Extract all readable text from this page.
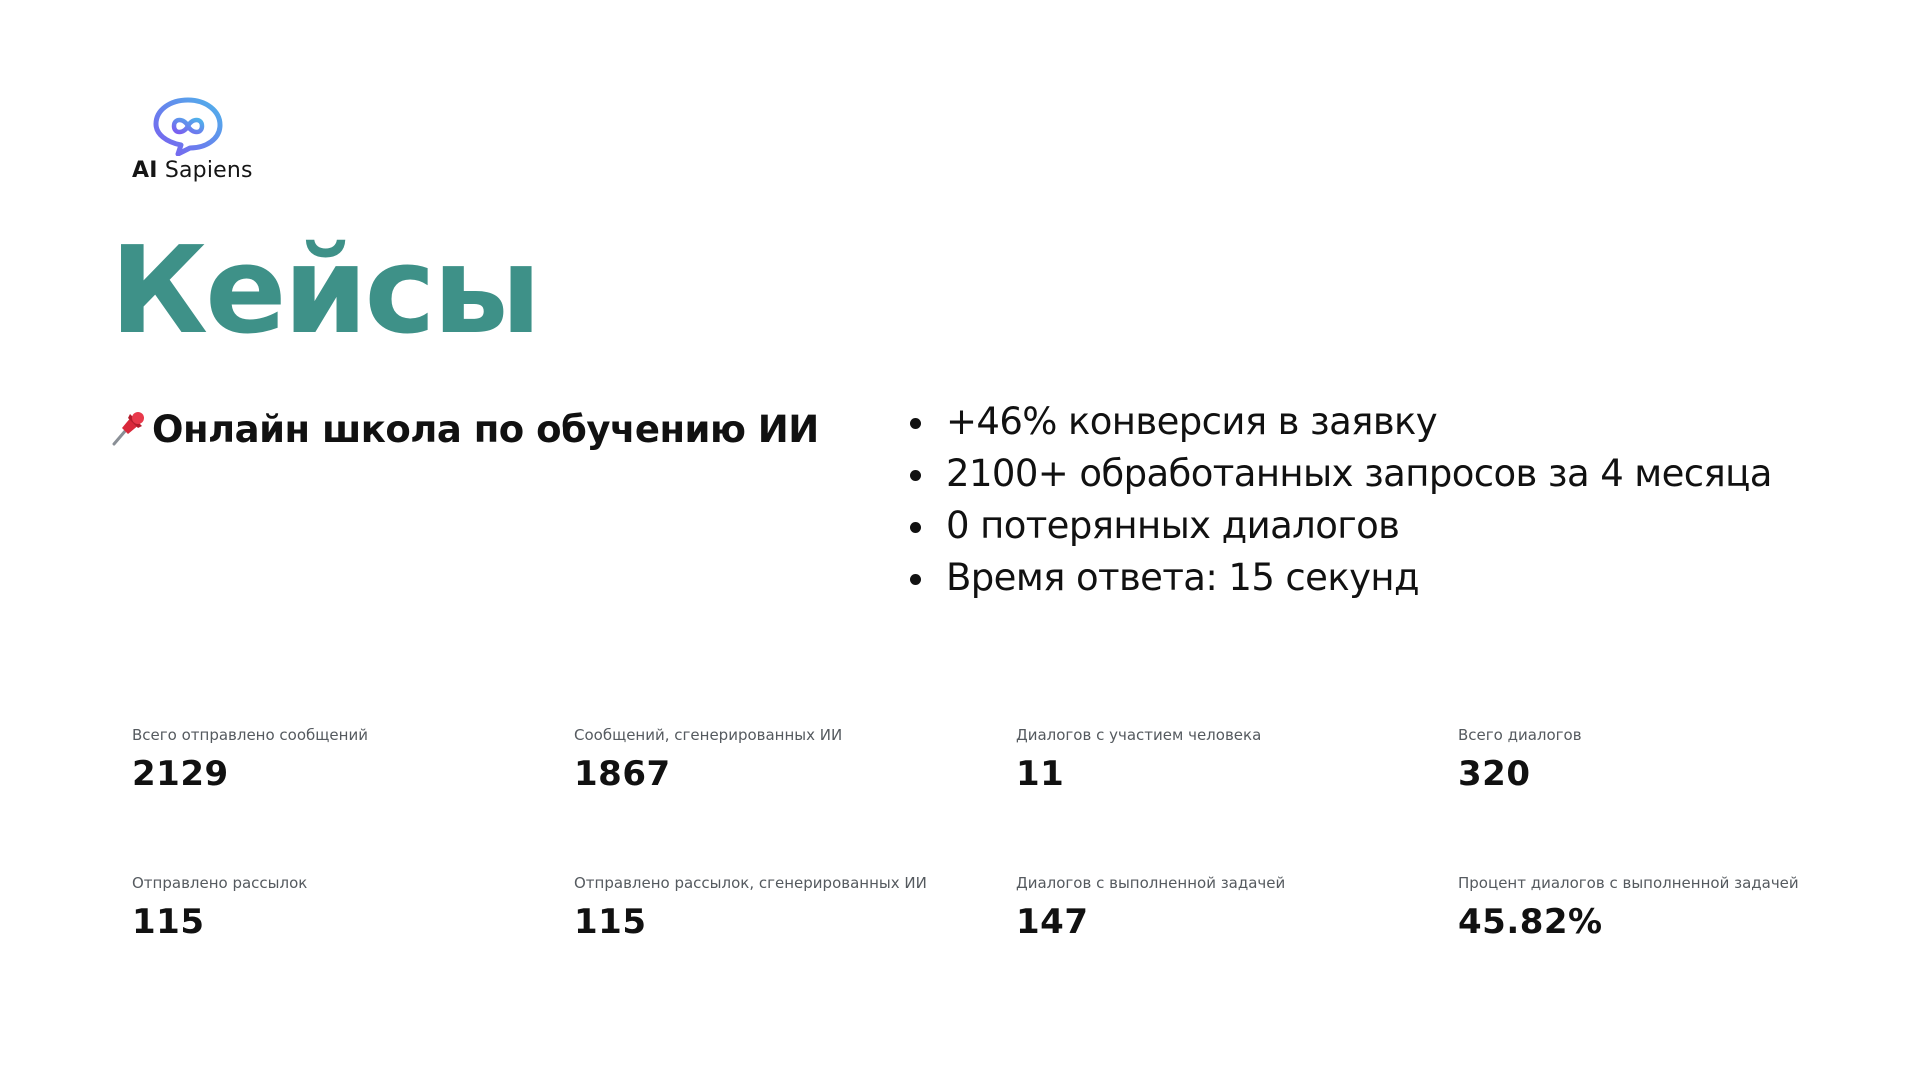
AI Sapiens
Кейсы
Онлайн школа по обучению ИИ	+46% конверсия в заявку
2100+ обработанных запросов за 4 месяца
0 потерянных диалогов
Время ответа: 15 секунд
Всего отправлено сообщений
2129
Сообщений, сгенерированных ИИ
1867
Диалогов с участием человека
11
Всего диалогов
320
Отправлено рассылок
115
Отправлено рассылок, сгенерированных ИИ
115
Диалогов с выполненной задачей
147
Процент диалогов с выполненной задачей
45.82%
